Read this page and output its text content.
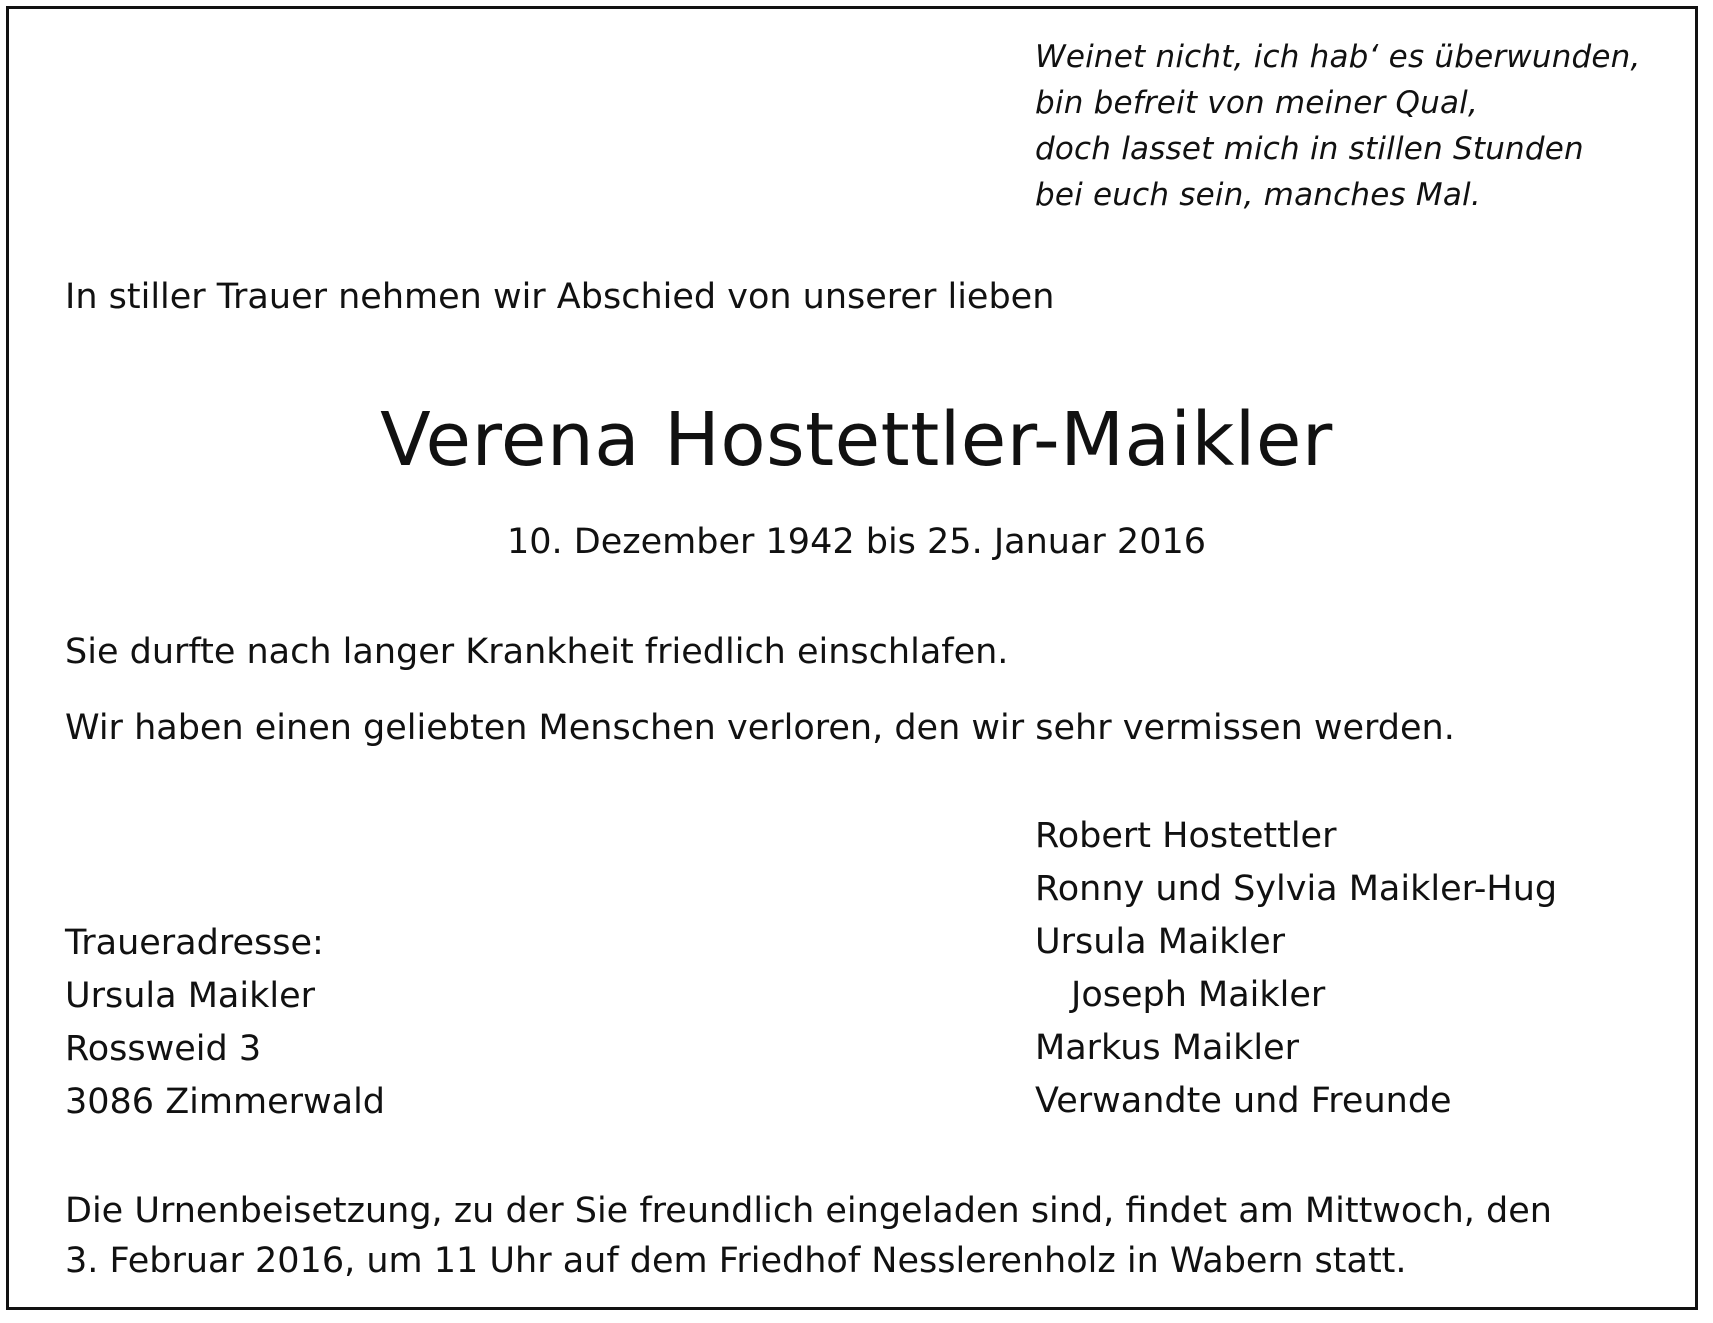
Weinet nicht, ich hab‘ es überwunden,
bin befreit von meiner Qual,
doch lasset mich in stillen Stunden
bei euch sein, manches Mal.
In stiller Trauer nehmen wir Abschied von unserer lieben
Verena Hostettler-Maikler
10. Dezember 1942 bis 25. Januar 2016
Sie durfte nach langer Krankheit friedlich einschlafen.
Wir haben einen geliebten Menschen verloren, den wir sehr vermissen werden.
Traueradresse:
Ursula Maikler
Rossweid 3
3086 Zimmerwald
Robert Hostettler
Ronny und Sylvia Maikler-Hug
Ursula Maikler
Joseph Maikler
Markus Maikler
Verwandte und Freunde
Die Urnenbeisetzung, zu der Sie freundlich eingeladen sind, findet am Mittwoch, den
3. Februar 2016, um 11 Uhr auf dem Friedhof Nesslerenholz in Wabern statt.
